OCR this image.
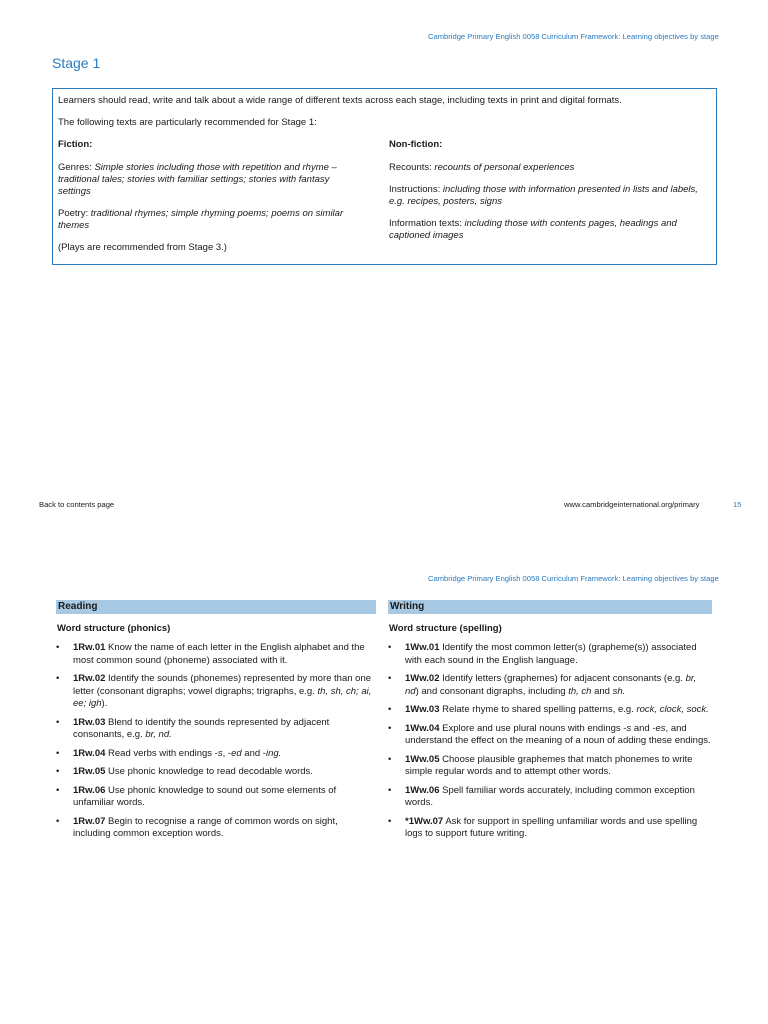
Cambridge Primary English 0058 Curriculum Framework: Learning objectives by stage
Stage 1

Learners should read, write and talk about a wide range of different texts across each stage, including texts in print and digital formats.

The following texts are particularly recommended for Stage 1:

Fiction:

Genres: Simple stories including those with repetition and rhyme – traditional tales; stories with familiar settings; stories with fantasy settings

Poetry: traditional rhymes; simple rhyming poems; poems on similar themes

(Plays are recommended from Stage 3.)

Non-fiction:

Recounts: recounts of personal experiences

Instructions: including those with information presented in lists and labels, e.g. recipes, posters, signs

Information texts: including those with contents pages, headings and captioned images

Back to contents page	www.cambridgeinternational.org/primary	15
Cambridge Primary English 0058 Curriculum Framework: Learning objectives by stage
Reading
Word structure (phonics)
• 1Rw.01 Know the name of each letter in the English alphabet and the most common sound (phoneme) associated with it.
• 1Rw.02 Identify the sounds (phonemes) represented by more than one letter (consonant digraphs; vowel digraphs; trigraphs, e.g. th, sh, ch; ai, ee; igh).
• 1Rw.03 Blend to identify the sounds represented by adjacent consonants, e.g. br, nd.
• 1Rw.04 Read verbs with endings -s, -ed and -ing.
• 1Rw.05 Use phonic knowledge to read decodable words.
• 1Rw.06 Use phonic knowledge to sound out some elements of unfamiliar words.
• 1Rw.07 Begin to recognise a range of common words on sight, including common exception words.
Writing
Word structure (spelling)
• 1Ww.01 Identify the most common letter(s) (grapheme(s)) associated with each sound in the English language.
• 1Ww.02 Identify letters (graphemes) for adjacent consonants (e.g. br, nd) and consonant digraphs, including th, ch and sh.
• 1Ww.03 Relate rhyme to shared spelling patterns, e.g. rock, clock, sock.
• 1Ww.04 Explore and use plural nouns with endings -s and -es, and understand the effect on the meaning of a noun of adding these endings.
• 1Ww.05 Choose plausible graphemes that match phonemes to write simple regular words and to attempt other words.
• 1Ww.06 Spell familiar words accurately, including common exception words.
• *1Ww.07 Ask for support in spelling unfamiliar words and use spelling logs to support future writing.
